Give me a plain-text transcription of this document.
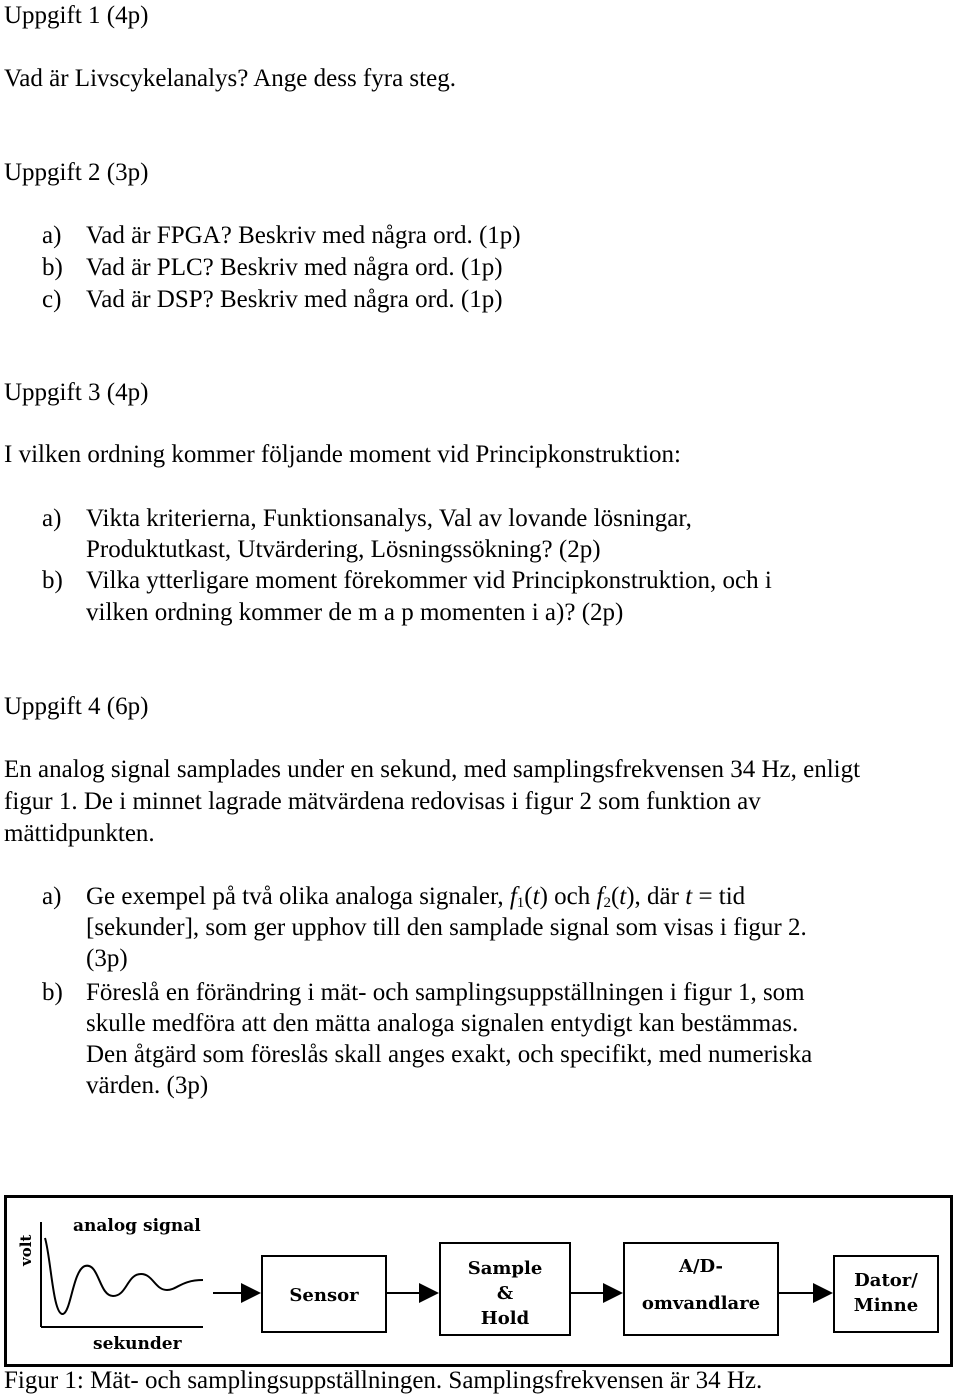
Uppgift 1 (4p)
Vad är Livscykelanalys? Ange dess fyra steg.
Uppgift 2 (3p)
a) Vad är FPGA? Beskriv med några ord. (1p)
b) Vad är PLC? Beskriv med några ord. (1p)
c) Vad är DSP? Beskriv med några ord. (1p)
Uppgift 3 (4p)
I vilken ordning kommer följande moment vid Principkonstruktion:
a) Vikta kriterierna, Funktionsanalys, Val av lovande lösningar,
Produktutkast, Utvärdering, Lösningssökning? (2p)
b) Vilka ytterligare moment förekommer vid Principkonstruktion, och i
vilken ordning kommer de m a p momenten i a)? (2p)
Uppgift 4 (6p)
En analog signal samplades under en sekund, med samplingsfrekvensen 34 Hz, enligt
figur 1. De i minnet lagrade mätvärdena redovisas i figur 2 som funktion av
mättidpunkten.
a) Ge exempel på två olika analoga signaler, $f_1(t)$ och $f_2(t)$, där t = tid
[sekunder], som ger upphov till den samplade signal som visas i figur 2.
(3p)
b) Föreslå en förändring i mät- och samplingsuppställningen i figur 1, som
skulle medföra att den mätta analoga signalen entydigt kan bestämmas.
Den åtgärd som föreslås skall anges exakt, och specifikt, med numeriska
värden. (3p)
analog signal
volt
sekunder
Sensor
Sample
&
Hold
A/D-
omvandlare
Dator/
Minne
Figur 1: Mät- och samplingsuppställningen. Samplingsfrekvensen är 34 Hz.
